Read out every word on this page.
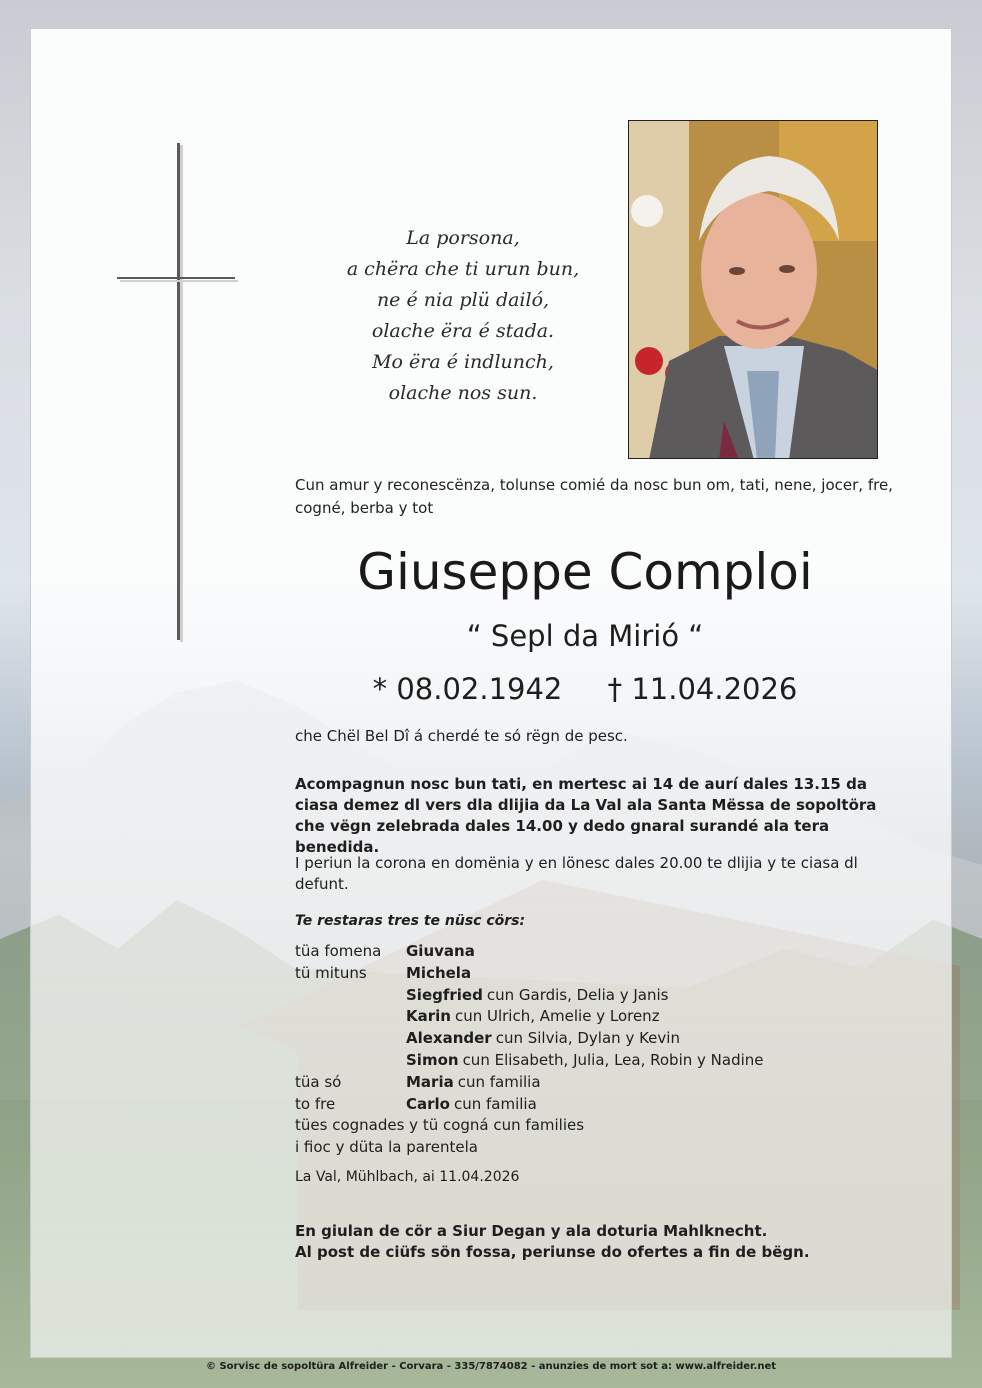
La porsona,
a chëra che ti urun bun,
ne é nia plü dailó,
olache ëra é stada.
Mo ëra é indlunch,
olache nos sun.
Cun amur y reconescënza, tolunse comié da nosc bun om, tati, nene, jocer, fre, cogné, berba y tot
Giuseppe Comploi
“ Sepl da Mirió “
* 08.02.1942 † 11.04.2026
che Chël Bel Dî á cherdé te só rëgn de pesc.
Acompagnun nosc bun tati, en mertesc ai 14 de aurí dales 13.15 da ciasa demez dl vers dla dlijia da La Val ala Santa Mëssa de sopoltöra che vëgn zelebrada dales 14.00 y dedo gnaral surandé ala tera benedida.
I periun la corona en domënia y en lönesc dales 20.00 te dlijia y te ciasa dl defunt.
Te restaras tres te nüsc cörs:
tüa fomena	Giuvana
tü mituns	Michela
Siegfried cun Gardis, Delia y Janis
Karin cun Ulrich, Amelie y Lorenz
Alexander cun Silvia, Dylan y Kevin
Simon cun Elisabeth, Julia, Lea, Robin y Nadine
tüa só	Maria cun familia
to fre	Carlo cun familia
tües cognades y tü cogná cun families
i fioc y düta la parentela
La Val, Mühlbach, ai 11.04.2026
En giulan de cör a Siur Degan y ala doturia Mahlknecht.
Al post de ciüfs sön fossa, periunse do ofertes a fin de bëgn.
© Sorvisc de sopoltüra Alfreider - Corvara - 335/7874082 - anunzies de mort sot a: www.alfreider.net
